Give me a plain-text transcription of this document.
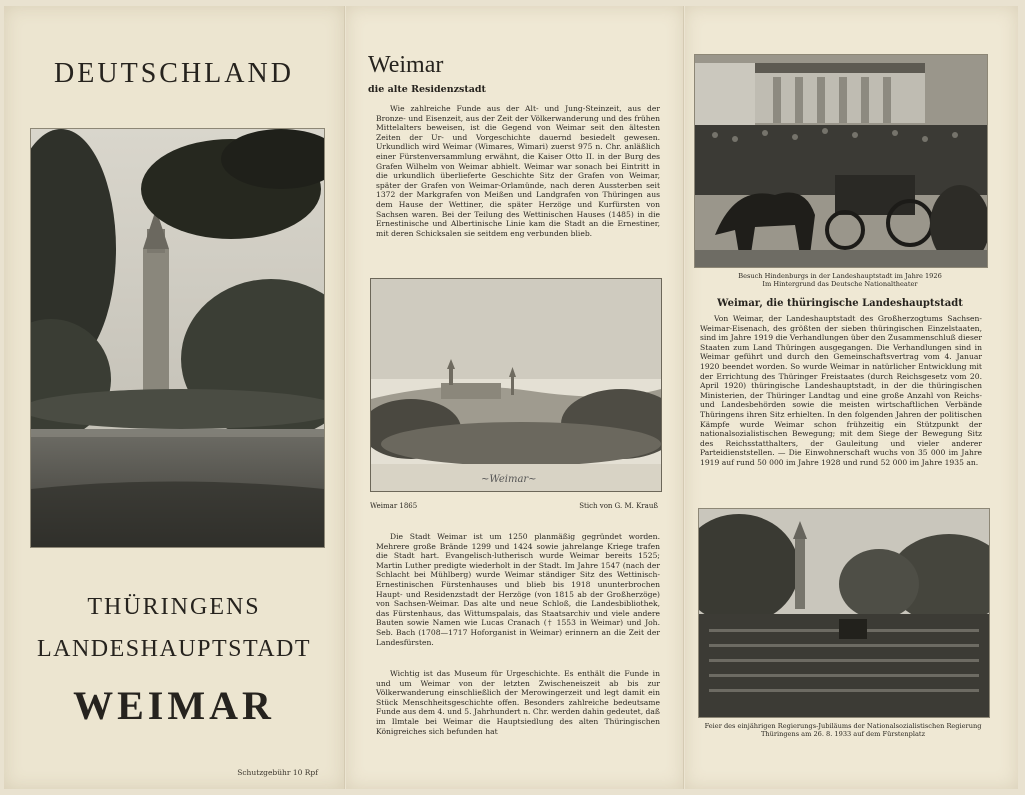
DEUTSCHLAND
THÜRINGENS
LANDESHAUPTSTADT
WEIMAR
Schutzgebühr 10 Rpf
Weimar
die alte Residenzstadt
Wie zahlreiche Funde aus der Alt- und Jung-Steinzeit, aus der Bronze- und Eisenzeit, aus der Zeit der Völkerwanderung und des frühen Mittelalters beweisen, ist die Gegend von Weimar seit den ältesten Zeiten der Ur- und Vorgeschichte dauernd besiedelt gewesen. Urkundlich wird Weimar (Wimares, Wimari) zuerst 975 n. Chr. anläßlich einer Fürstenversammlung erwähnt, die Kaiser Otto II. in der Burg des Grafen Wilhelm von Weimar abhielt. Weimar war sonach bei Eintritt in die urkundlich überlieferte Geschichte Sitz der Grafen von Weimar, später der Grafen von Weimar-Orlamünde, nach deren Aussterben seit 1372 der Markgrafen von Meißen und Landgrafen von Thüringen aus dem Hause der Wettiner, die später Herzöge und Kurfürsten von Sachsen waren. Bei der Teilung des Wettinischen Hauses (1485) in die Ernestinische und Albertinische Linie kam die Stadt an die Ernestiner, mit deren Schicksalen sie seitdem eng verbunden blieb.
~Weimar~
Weimar 1865	Stich von G. M. Krauß
Die Stadt Weimar ist um 1250 planmäßig gegründet worden. Mehrere große Brände 1299 und 1424 sowie jahrelange Kriege trafen die Stadt hart. Evangelisch-lutherisch wurde Weimar bereits 1525; Martin Luther predigte wiederholt in der Stadt. Im Jahre 1547 (nach der Schlacht bei Mühlberg) wurde Weimar ständiger Sitz des Wettinisch-Ernestinischen Fürstenhauses und blieb bis 1918 ununterbrochen Haupt- und Residenzstadt der Herzöge (von 1815 ab der Großherzöge) von Sachsen-Weimar. Das alte und neue Schloß, die Landesbibliothek, das Fürstenhaus, das Wittumspalais, das Staatsarchiv und viele andere Bauten sowie Namen wie Lucas Cranach († 1553 in Weimar) und Joh. Seb. Bach (1708—1717 Hoforganist in Weimar) erinnern an die Zeit der Landesfürsten.
Wichtig ist das Museum für Urgeschichte. Es enthält die Funde in und um Weimar von der letzten Zwischeneiszeit ab bis zur Völkerwanderung einschließlich der Merowingerzeit und legt damit ein Stück Menschheitsgeschichte offen. Besonders zahlreiche bedeutsame Funde aus dem 4. und 5. Jahrhundert n. Chr. werden dahin gedeutet, daß im Ilmtale bei Weimar die Hauptsiedlung des alten Thüringischen Königreiches sich befunden hat
Besuch Hindenburgs in der Landeshauptstadt im Jahre 1926
Im Hintergrund das Deutsche Nationaltheater
Weimar, die thüringische Landeshauptstadt
Von Weimar, der Landeshauptstadt des Großherzogtums Sachsen-Weimar-Eisenach, des größten der sieben thüringischen Einzelstaaten, sind im Jahre 1919 die Verhandlungen über den Zusammenschluß dieser Staaten zum Land Thüringen ausgegangen. Die Verhandlungen sind in Weimar geführt und durch den Gemeinschaftsvertrag vom 4. Januar 1920 beendet worden. So wurde Weimar in natürlicher Entwicklung mit der Errichtung des Thüringer Freistaates (durch Reichsgesetz vom 20. April 1920) thüringische Landeshauptstadt, in der die thüringischen Ministerien, der Thüringer Landtag und eine große Anzahl von Reichs- und Landesbehörden sowie die meisten wirtschaftlichen Verbände Thüringens ihren Sitz erhielten. In den folgenden Jahren der politischen Kämpfe wurde Weimar schon frühzeitig ein Stützpunkt der nationalsozialistischen Bewegung; mit dem Siege der Bewegung Sitz des Reichsstatthalters, der Gauleitung und vieler anderer Parteidienststellen. — Die Einwohnerschaft wuchs von 35 000 im Jahre 1919 auf rund 50 000 im Jahre 1928 und rund 52 000 im Jahre 1935 an.
Feier des einjährigen Regierungs-Jubiläums der Nationalsozialistischen Regierung
Thüringens am 26. 8. 1933 auf dem Fürstenplatz
